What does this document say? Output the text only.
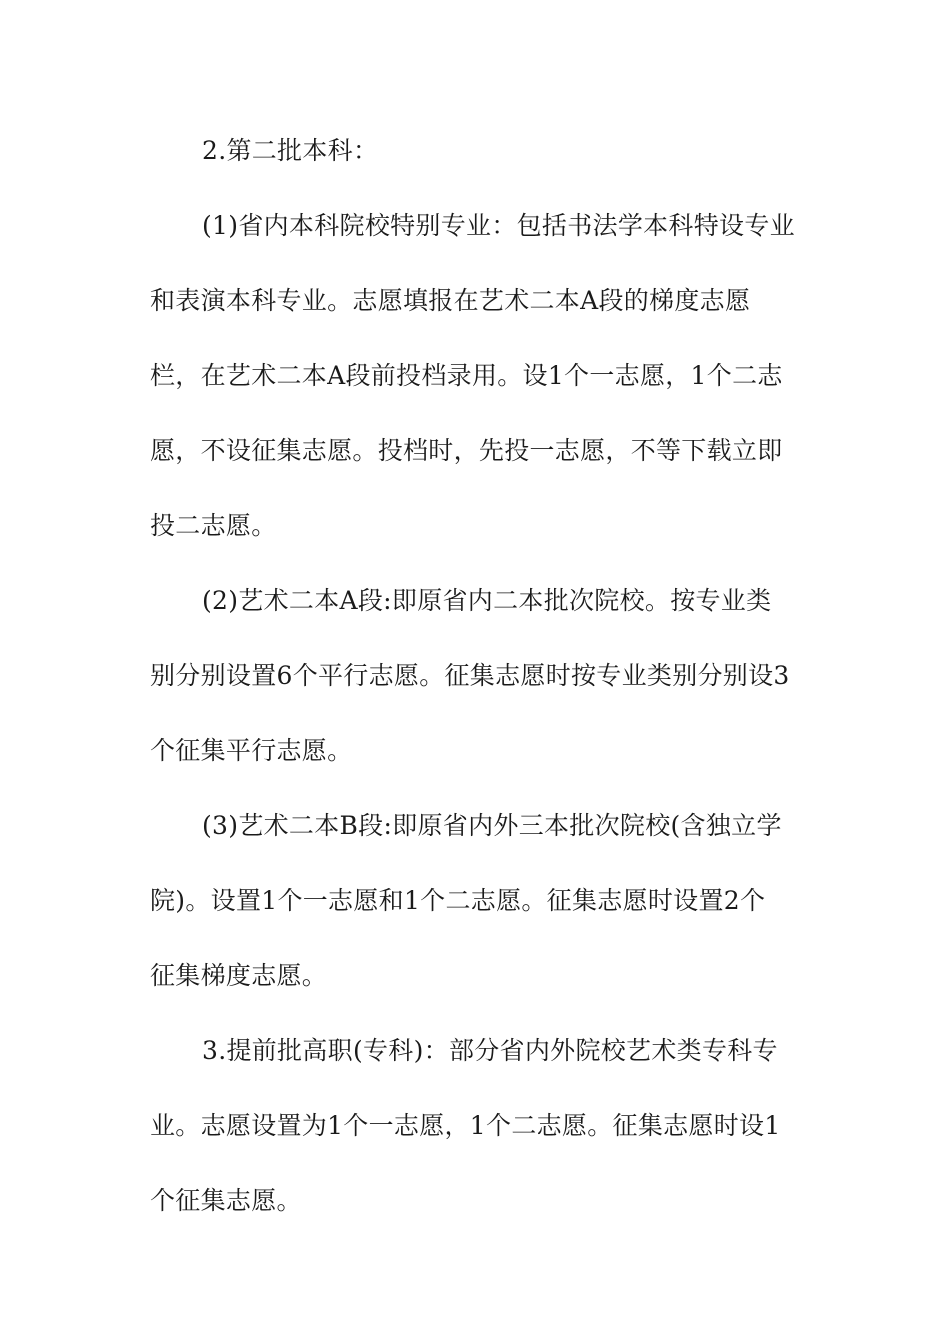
2.第二批本科：

(1)省内本科院校特别专业：包括书法学本科特设专业

和表演本科专业。志愿填报在艺术二本A段的梯度志愿

栏，在艺术二本A段前投档录用。设1个一志愿，1个二志

愿，不设征集志愿。投档时，先投一志愿，不等下载立即

投二志愿。

(2)艺术二本A段:即原省内二本批次院校。按专业类

别分别设置6个平行志愿。征集志愿时按专业类别分别设3

个征集平行志愿。

(3)艺术二本B段:即原省内外三本批次院校(含独立学

院)。设置1个一志愿和1个二志愿。征集志愿时设置2个

征集梯度志愿。

3.提前批高职(专科)：部分省内外院校艺术类专科专

业。志愿设置为1个一志愿，1个二志愿。征集志愿时设1

个征集志愿。
